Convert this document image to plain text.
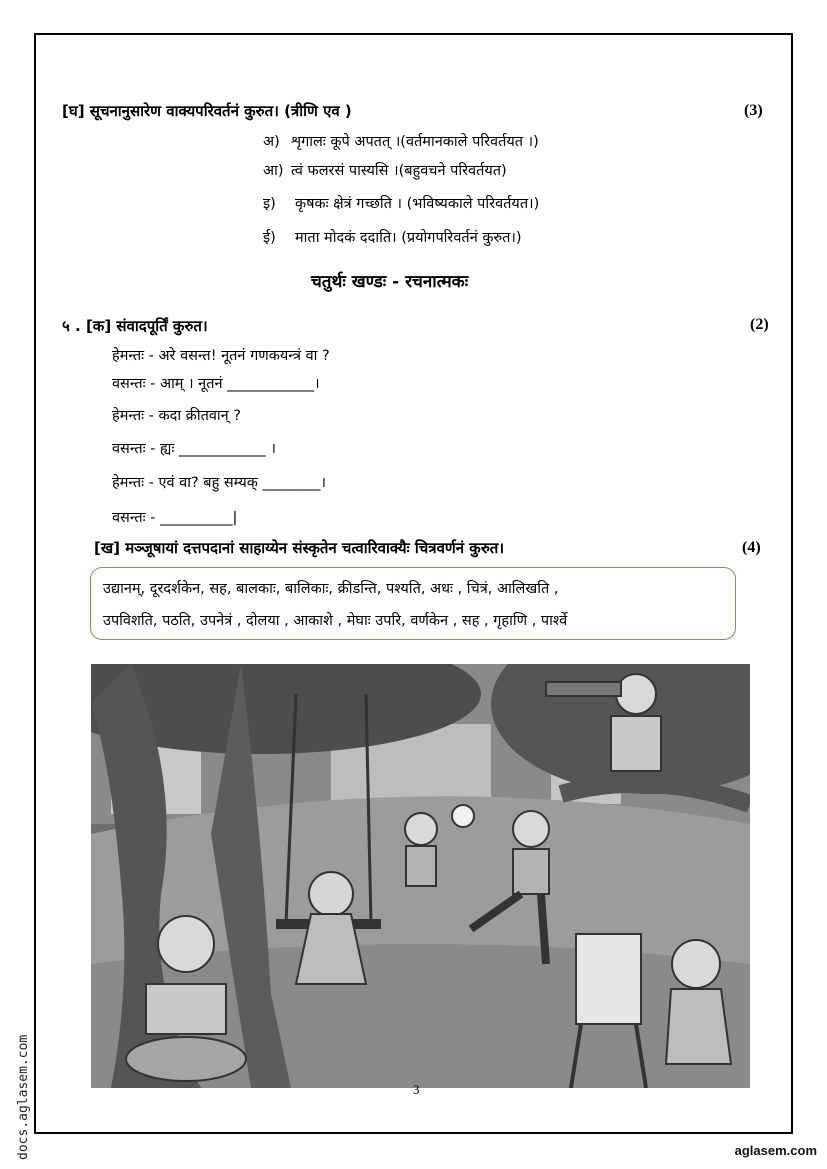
[घ] सूचनानुसारेण वाक्यपरिवर्तनं कुरुत। (त्रीणि एव )	(3)
अ) शृगालः कूपे अपतत् ।(वर्तमानकाले परिवर्तयत ।)
आ) त्वं फलरसं पास्यसि ।(बहुवचने परिवर्तयत)
इ) कृषकः क्षेत्रं गच्छति । (भविष्यकाले परिवर्तयत।)
ई) माता मोदकं ददाति। (प्रयोगपरिवर्तनं कुरुत।)
चतुर्थः खण्डः - रचनात्मकः
५ . [क] संवादपूर्तिं कुरुत।	(2)
हेमन्तः - अरे वसन्त! नूतनं गणकयन्त्रं वा ?
वसन्तः - आम् । नूतनं ____________।
हेमन्तः - कदा क्रीतवान् ?
वसन्तः - ह्यः ____________ ।
हेमन्तः - एवं वा? बहु सम्यक् ________।
वसन्तः - __________|
[ख] मञ्जूषायां दत्तपदानां साहाय्येन संस्कृतेन चत्वारिवाक्यैः चित्रवर्णनं कुरुत।	(4)
उद्यानम्, दूरदर्शकेन, सह, बालकाः, बालिकाः, क्रीडन्ति, पश्यति, अधः , चित्रं, आलिखति ,
उपविशति, पठति, उपनेत्रं , दोलया , आकाशे , मेघाः उपरि, वर्णकेन , सह , गृहाणि , पार्श्वे
3
docs.aglasem.com	aglasem.com
